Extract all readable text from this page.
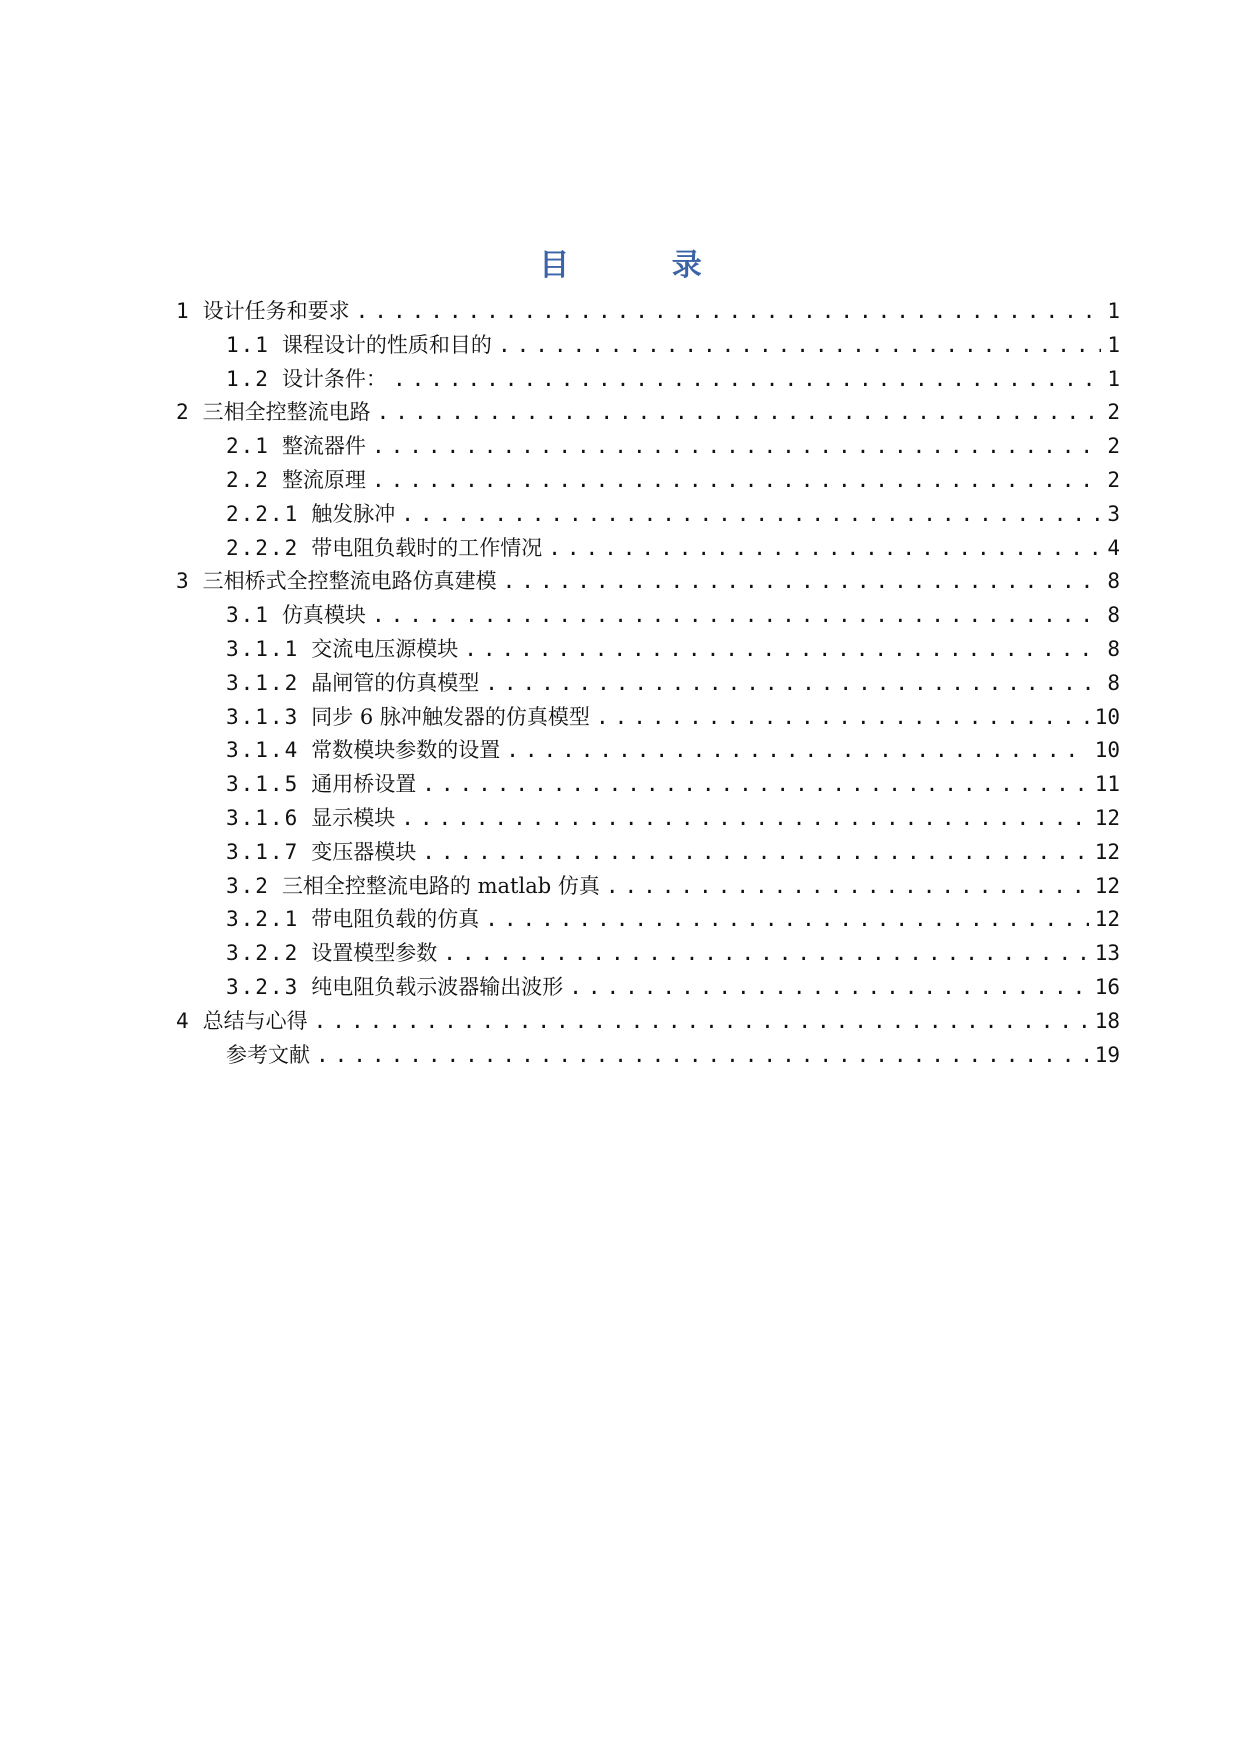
目 录
1 设计任务和要求 .....	1
1.1 课程设计的性质和目的 .....	1
1.2 设计条件： .....	1
2 三相全控整流电路 .....	2
2.1 整流器件 .....	2
2.2 整流原理 .....	2
2.2.1 触发脉冲 .....	3
2.2.2 带电阻负载时的工作情况 .....	4
3 三相桥式全控整流电路仿真建模 .....	8
3.1 仿真模块 .....	8
3.1.1 交流电压源模块 .....	8
3.1.2 晶闸管的仿真模型 .....	8
3.1.3 同步 6 脉冲触发器的仿真模型 .....	10
3.1.4 常数模块参数的设置 .....	10
3.1.5 通用桥设置 .....	11
3.1.6 显示模块 .....	12
3.1.7 变压器模块 .....	12
3.2 三相全控整流电路的 matlab 仿真 .....	12
3.2.1 带电阻负载的仿真 .....	12
3.2.2 设置模型参数 .....	13
3.2.3 纯电阻负载示波器输出波形 .....	16
4 总结与心得 .....	18
参考文献 .....	19
